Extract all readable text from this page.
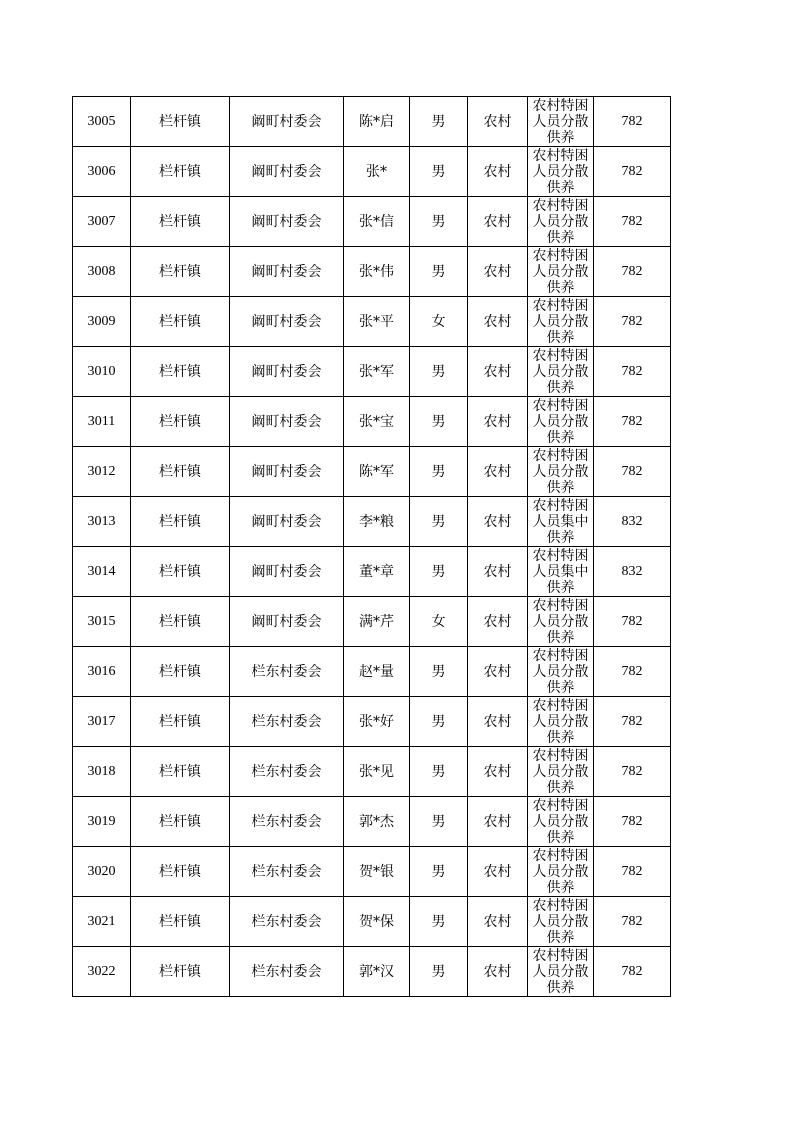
3005	栏杆镇	阚町村委会	陈*启	男	农村	农村特困人员分散供养	782
3006	栏杆镇	阚町村委会	张*	男	农村	农村特困人员分散供养	782
3007	栏杆镇	阚町村委会	张*信	男	农村	农村特困人员分散供养	782
3008	栏杆镇	阚町村委会	张*伟	男	农村	农村特困人员分散供养	782
3009	栏杆镇	阚町村委会	张*平	女	农村	农村特困人员分散供养	782
3010	栏杆镇	阚町村委会	张*军	男	农村	农村特困人员分散供养	782
3011	栏杆镇	阚町村委会	张*宝	男	农村	农村特困人员分散供养	782
3012	栏杆镇	阚町村委会	陈*军	男	农村	农村特困人员分散供养	782
3013	栏杆镇	阚町村委会	李*粮	男	农村	农村特困人员集中供养	832
3014	栏杆镇	阚町村委会	董*章	男	农村	农村特困人员集中供养	832
3015	栏杆镇	阚町村委会	满*芹	女	农村	农村特困人员分散供养	782
3016	栏杆镇	栏东村委会	赵*量	男	农村	农村特困人员分散供养	782
3017	栏杆镇	栏东村委会	张*好	男	农村	农村特困人员分散供养	782
3018	栏杆镇	栏东村委会	张*见	男	农村	农村特困人员分散供养	782
3019	栏杆镇	栏东村委会	郭*杰	男	农村	农村特困人员分散供养	782
3020	栏杆镇	栏东村委会	贺*银	男	农村	农村特困人员分散供养	782
3021	栏杆镇	栏东村委会	贺*保	男	农村	农村特困人员分散供养	782
3022	栏杆镇	栏东村委会	郭*汉	男	农村	农村特困人员分散供养	782
